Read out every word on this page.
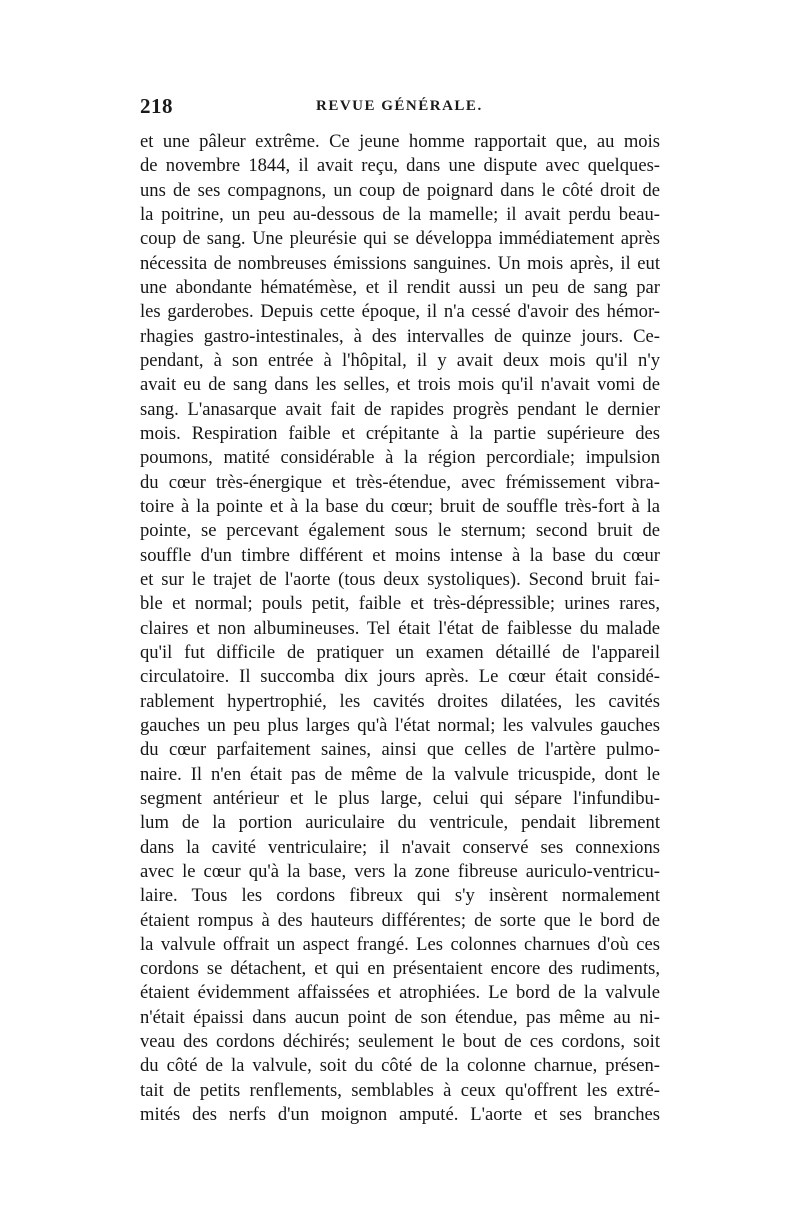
218	REVUE GÉNÉRALE.
et une pâleur extrême. Ce jeune homme rapportait que, au mois
de novembre 1844, il avait reçu, dans une dispute avec quelques-
uns de ses compagnons, un coup de poignard dans le côté droit de
la poitrine, un peu au-dessous de la mamelle; il avait perdu beau-
coup de sang. Une pleurésie qui se développa immédiatement après
nécessita de nombreuses émissions sanguines. Un mois après, il eut
une abondante hématémèse, et il rendit aussi un peu de sang par
les garderobes. Depuis cette époque, il n'a cessé d'avoir des hémor-
rhagies gastro-intestinales, à des intervalles de quinze jours. Ce-
pendant, à son entrée à l'hôpital, il y avait deux mois qu'il n'y
avait eu de sang dans les selles, et trois mois qu'il n'avait vomi de
sang. L'anasarque avait fait de rapides progrès pendant le dernier
mois. Respiration faible et crépitante à la partie supérieure des
poumons, matité considérable à la région percordiale; impulsion
du cœur très-énergique et très-étendue, avec frémissement vibra-
toire à la pointe et à la base du cœur; bruit de souffle très-fort à la
pointe, se percevant également sous le sternum; second bruit de
souffle d'un timbre différent et moins intense à la base du cœur
et sur le trajet de l'aorte (tous deux systoliques). Second bruit fai-
ble et normal; pouls petit, faible et très-dépressible; urines rares,
claires et non albumineuses. Tel était l'état de faiblesse du malade
qu'il fut difficile de pratiquer un examen détaillé de l'appareil
circulatoire. Il succomba dix jours après. Le cœur était considé-
rablement hypertrophié, les cavités droites dilatées, les cavités
gauches un peu plus larges qu'à l'état normal; les valvules gauches
du cœur parfaitement saines, ainsi que celles de l'artère pulmo-
naire. Il n'en était pas de même de la valvule tricuspide, dont le
segment antérieur et le plus large, celui qui sépare l'infundibu-
lum de la portion auriculaire du ventricule, pendait librement
dans la cavité ventriculaire; il n'avait conservé ses connexions
avec le cœur qu'à la base, vers la zone fibreuse auriculo-ventricu-
laire. Tous les cordons fibreux qui s'y insèrent normalement
étaient rompus à des hauteurs différentes; de sorte que le bord de
la valvule offrait un aspect frangé. Les colonnes charnues d'où ces
cordons se détachent, et qui en présentaient encore des rudiments,
étaient évidemment affaissées et atrophiées. Le bord de la valvule
n'était épaissi dans aucun point de son étendue, pas même au ni-
veau des cordons déchirés; seulement le bout de ces cordons, soit
du côté de la valvule, soit du côté de la colonne charnue, présen-
tait de petits renflements, semblables à ceux qu'offrent les extré-
mités des nerfs d'un moignon amputé. L'aorte et ses branches
